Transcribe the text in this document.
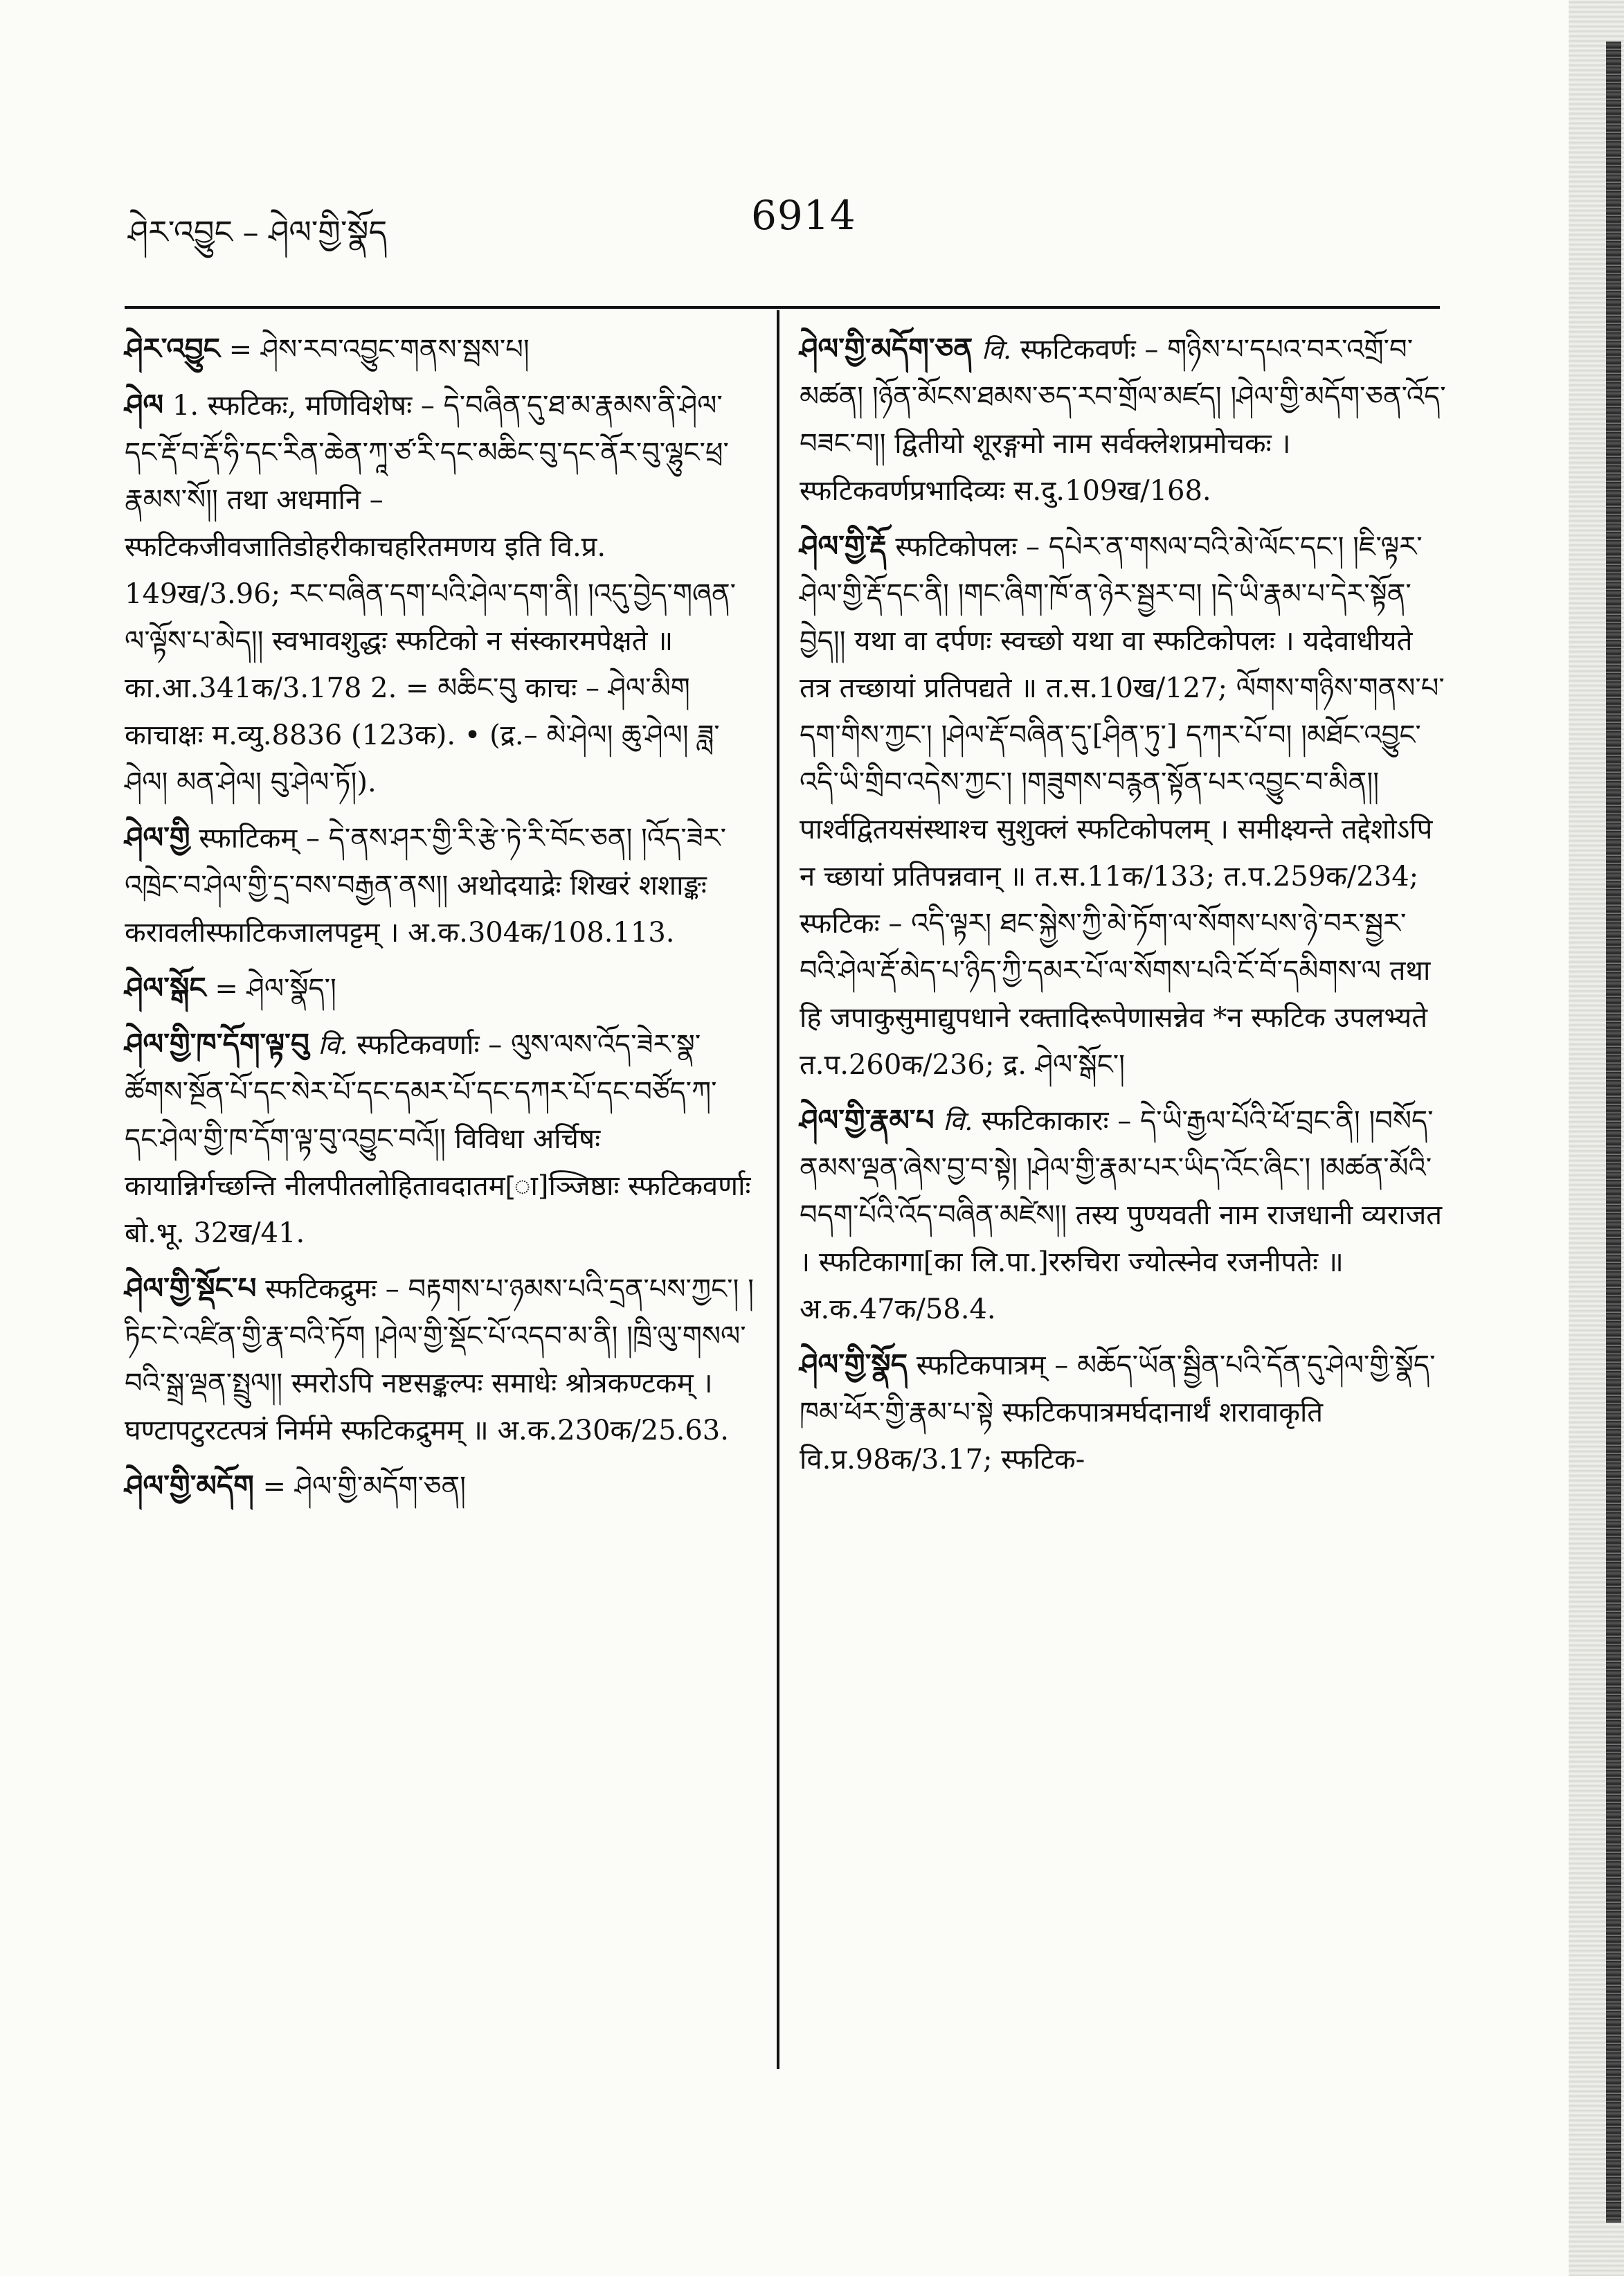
ཤེར་འབྱུང – ཤེལ་གྱི་སྣོད	6914
ཤེར་འབྱུང = ཤེས་རབ་འབྱུང་གནས་སྦས་པ།
ཤེལ 1. स्फटिकः, मणिविशेषः – དེ་བཞིན་དུ་ཐ་མ་རྣམས་ནི་ཤེལ་དང་རྡོ་བ་རྡོ་ཧི་དང་རིན་ཆེན་ཀཱ་ཙ་རི་དང་མཆིང་བུ་དང་ནོར་བུ་ལྷུང་ཕྲ་རྣམས་སོ།། तथा अधमानि – स्फटिकजीवजातिडोहरीकाचहरितमणय इति वि.प्र. 149ख/3.96; རང་བཞིན་དག་པའི་ཤེལ་དག་ནི། །འདུ་བྱེད་གཞན་ལ་ལྟོས་པ་མེད།། स्वभावशुद्धः स्फटिको न संस्कारमपेक्षते ॥ का.आ.341क/3.178 2. = མཆིང་བུ काचः – ཤེལ་མིག काचाक्षः म.व्यु.8836 (123क). • (द्र.– མེ་ཤེལ། ཆུ་ཤེལ། ཟླ་ཤེལ། མན་ཤེལ། བུ་ཤེལ་ཏོ།).
ཤེལ་གྱི स्फाटिकम् – དེ་ནས་ཤར་གྱི་རི་རྩེ་ཏེ་རི་བོང་ཅན། །འོད་ཟེར་འཁྲེང་བ་ཤེལ་གྱི་དྲ་བས་བརྒྱན་ནས།། अथोदयाद्रेः शिखरं शशाङ्कः करावलीस्फाटिकजालपट्टम् । अ.क.304क/108.113.
ཤེལ་སྒོང = ཤེལ་སྣོད་།
ཤེལ་གྱི་ཁ་དོག་ལྟ་བུ वि. स्फटिकवर्णाः – ལུས་ལས་འོད་ཟེར་སྣ་ཚོགས་སྔོན་པོ་དང་སེར་པོ་དང་དམར་པོ་དང་དཀར་པོ་དང་བཙོད་ཀ་དང་ཤེལ་གྱི་ཁ་དོག་ལྟ་བུ་འབྱུང་བའོ།། विविधा अर्चिषः कायान्निर्गच्छन्ति नीलपीतलोहितावदातम[ा]ञ्जिष्ठाः स्फटिकवर्णाः बो.भू. 32ख/41.
ཤེལ་གྱི་སྡོང་པ स्फटिकद्रुमः – བརྟགས་པ་ཉམས་པའི་དྲན་པས་ཀྱང་། །ཏིང་ངེ་འཛིན་གྱི་རྣ་བའི་ཏོག །ཤེལ་གྱི་སྡོང་པོ་འདབ་མ་ནི། །ཁྲི་ལུ་གསལ་བའི་སྒྲ་ལྡན་སྤྲུལ།། स्मरोऽपि नष्टसङ्कल्पः समाधेः श्रोत्रकण्टकम् । घण्टापटुरटत्पत्रं निर्ममे स्फटिकद्रुमम् ॥ अ.क.230क/25.63.
ཤེལ་གྱི་མདོག = ཤེལ་གྱི་མདོག་ཅན།
ཤེལ་གྱི་མདོག་ཅན वि. स्फटिकवर्णः – གཉིས་པ་དཔའ་བར་འགྲོ་བ་མཚན། །ཉོན་མོངས་ཐམས་ཅད་རབ་གྲོལ་མཛད། །ཤེལ་གྱི་མདོག་ཅན་འོད་བཟང་བ།། द्वितीयो शूरङ्गमो नाम सर्वक्लेशप्रमोचकः । स्फटिकवर्णप्रभादिव्यः स.दु.109ख/168.
ཤེལ་གྱི་རྡོ स्फटिकोपलः – དཔེར་ན་གསལ་བའི་མེ་ལོང་དང་། །ཇི་ལྟར་ཤེལ་གྱི་རྡོ་དང་ནི། །གང་ཞིག་ཁོ་ན་ཉེར་སྦྱར་བ། །དེ་ཡི་རྣམ་པ་དེར་སྟོན་བྱེད།། यथा वा दर्पणः स्वच्छो यथा वा स्फटिकोपलः । यदेवाधीयते तत्र तच्छायां प्रतिपद्यते ॥ त.स.10ख/127; ལོགས་གཉིས་གནས་པ་དག་གིས་ཀྱང་། །ཤེལ་རྡོ་བཞིན་དུ་[ཤིན་ཏུ་] དཀར་པོ་བ། །མཐོང་འབྱུང་འདི་ཡི་གྲིབ་འདེས་ཀྱང་། །གཟུགས་བརྙན་སྟོན་པར་འབྱུང་བ་མིན།། पार्श्वद्वितयसंस्थाश्च सुशुक्लं स्फटिकोपलम् । समीक्ष्यन्ते तद्देशोऽपि न च्छायां प्रतिपन्नवान् ॥ त.स.11क/133; त.प.259क/234; स्फटिकः – འདི་ལྟར། ཐང་སྐྱེས་ཀྱི་མེ་ཏོག་ལ་སོགས་པས་ཉེ་བར་སྦྱར་བའི་ཤེལ་རྡོ་མེད་པ་ཉིད་ཀྱི་དམར་པོ་ལ་སོགས་པའི་ངོ་བོ་དམིགས་ལ तथा हि जपाकुसुमाद्युपधाने रक्तादिरूपेणासन्नेव *न स्फटिक उपलभ्यते त.प.260क/236; द्र. ཤེལ་སྒོང་།
ཤེལ་གྱི་རྣམ་པ वि. स्फटिकाकारः – དེ་ཡི་རྒྱལ་པོའི་ཕོ་བྲང་ནི། །བསོད་ནམས་ལྡན་ཞེས་བྱ་བ་སྟེ། །ཤེལ་གྱི་རྣམ་པར་ཡིད་འོང་ཞིང་། །མཚན་མོའི་བདག་པོའི་འོད་བཞིན་མཛེས།། तस्य पुण्यवती नाम राजधानी व्यराजत । स्फटिकागा[का लि.पा.]ररुचिरा ज्योत्स्नेव रजनीपतेः ॥ अ.क.47क/58.4.
ཤེལ་གྱི་སྣོད स्फटिकपात्रम् – མཆོད་ཡོན་སྦྱིན་པའི་དོན་དུ་ཤེལ་གྱི་སྣོད་ཁམ་ཕོར་གྱི་རྣམ་པ་སྟེ स्फटिकपात्रमर्घदानार्थं शरावाकृति वि.प्र.98क/3.17; स्फटिक-
